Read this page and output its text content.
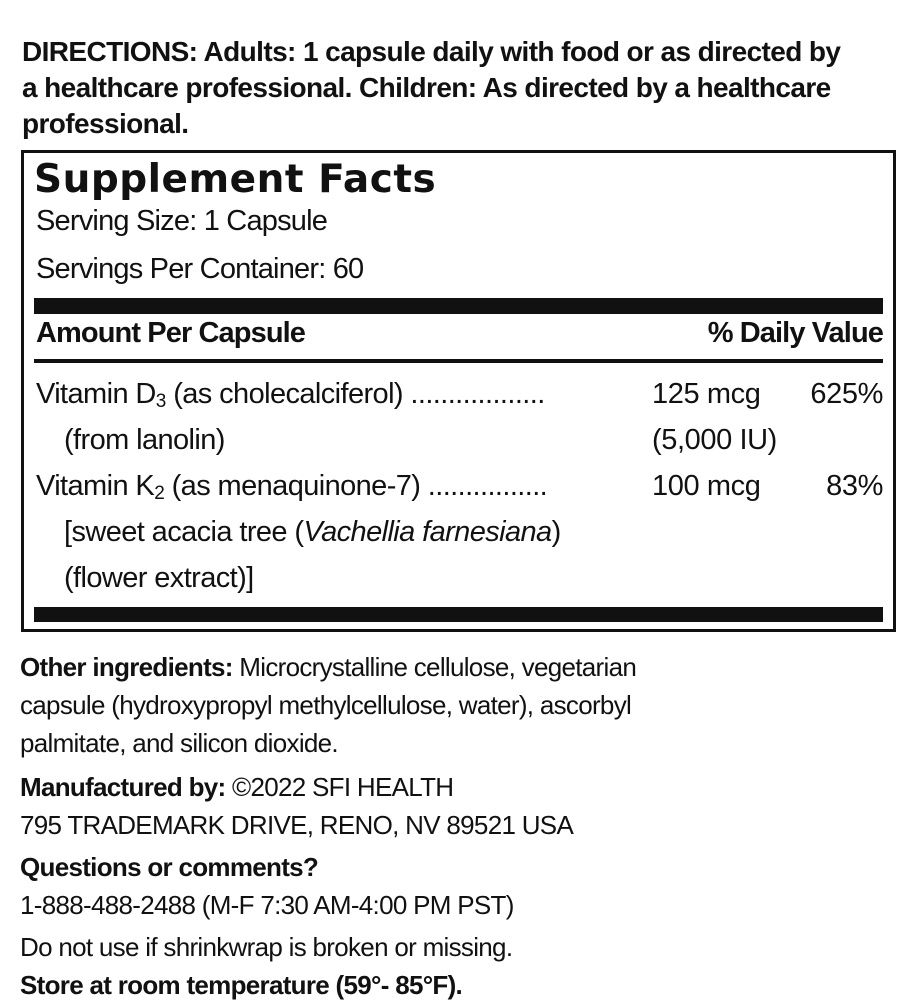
DIRECTIONS: Adults: 1 capsule daily with food or as directed by
a healthcare professional. Children: As directed by a healthcare
professional.
Supplement Facts
Serving Size: 1 Capsule
Servings Per Container: 60
Amount Per Capsule	% Daily Value
Vitamin $D_3$ (as cholecalciferol) ..................	125 mcg 625%
(from lanolin)	(5,000 IU)
Vitamin $K_2$ (as menaquinone-7) ................	100 mcg 83%
[sweet acacia tree (Vachellia farnesiana)
(flower extract)]
Other ingredients: Microcrystalline cellulose, vegetarian
capsule (hydroxypropyl methylcellulose, water), ascorbyl
palmitate, and silicon dioxide.
Manufactured by: ©2022 SFI HEALTH
795 TRADEMARK DRIVE, RENO, NV 89521 USA
Questions or comments?
1-888-488-2488 (M-F 7:30 AM-4:00 PM PST)
Do not use if shrinkwrap is broken or missing.
Store at room temperature (59°- 85°F).
